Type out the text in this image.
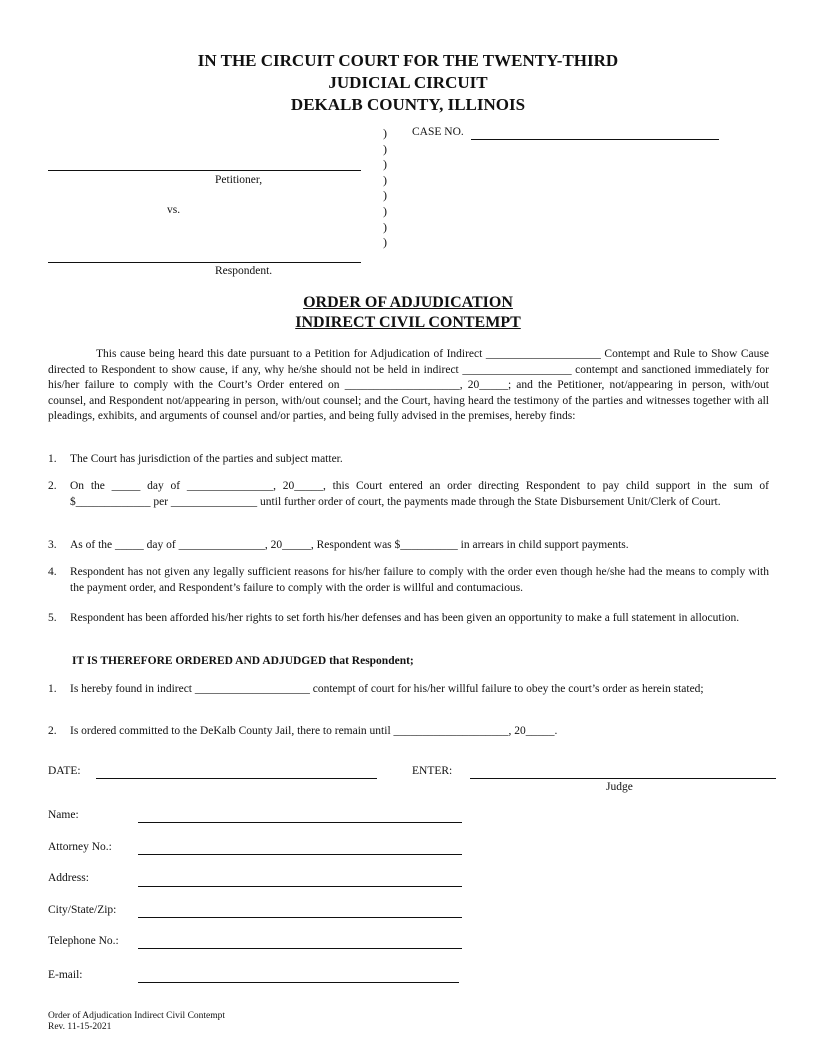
IN THE CIRCUIT COURT FOR THE TWENTY-THIRD
JUDICIAL CIRCUIT
DEKALB COUNTY, ILLINOIS
)
)
)
)
)
)
)
)
CASE NO.
Petitioner,
vs.
Respondent.
ORDER OF ADJUDICATION
INDIRECT CIVIL CONTEMPT
This cause being heard this date pursuant to a Petition for Adjudication of Indirect ____________________ Contempt and Rule to Show Cause directed to Respondent to show cause, if any, why he/she should not be held in indirect ___________________ contempt and sanctioned immediately for his/her failure to comply with the Court’s Order entered on ____________________, 20_____; and the Petitioner, not/appearing in person, with/out counsel, and Respondent not/appearing in person, with/out counsel; and the Court, having heard the testimony of the parties and witnesses together with all pleadings, exhibits, and arguments of counsel and/or parties, and being fully advised in the premises, hereby finds:
1. The Court has jurisdiction of the parties and subject matter.
2. On the _____ day of _______________, 20_____, this Court entered an order directing Respondent to pay child support in the sum of $_____________ per _______________ until further order of court, the payments made through the State Disbursement Unit/Clerk of Court.
3. As of the _____ day of _______________, 20_____, Respondent was $__________ in arrears in child support payments.
4. Respondent has not given any legally sufficient reasons for his/her failure to comply with the order even though he/she had the means to comply with the payment order, and Respondent’s failure to comply with the order is willful and contumacious.
5. Respondent has been afforded his/her rights to set forth his/her defenses and has been given an opportunity to make a full statement in allocution.
IT IS THEREFORE ORDERED AND ADJUDGED that Respondent;
1. Is hereby found in indirect ____________________ contempt of court for his/her willful failure to obey the court’s order as herein stated;
2. Is ordered committed to the DeKalb County Jail, there to remain until ____________________, 20_____.
DATE:	ENTER:
Judge
Name:
Attorney No.:
Address:
City/State/Zip:
Telephone No.:
E-mail:
Order of Adjudication Indirect Civil Contempt
Rev. 11-15-2021
